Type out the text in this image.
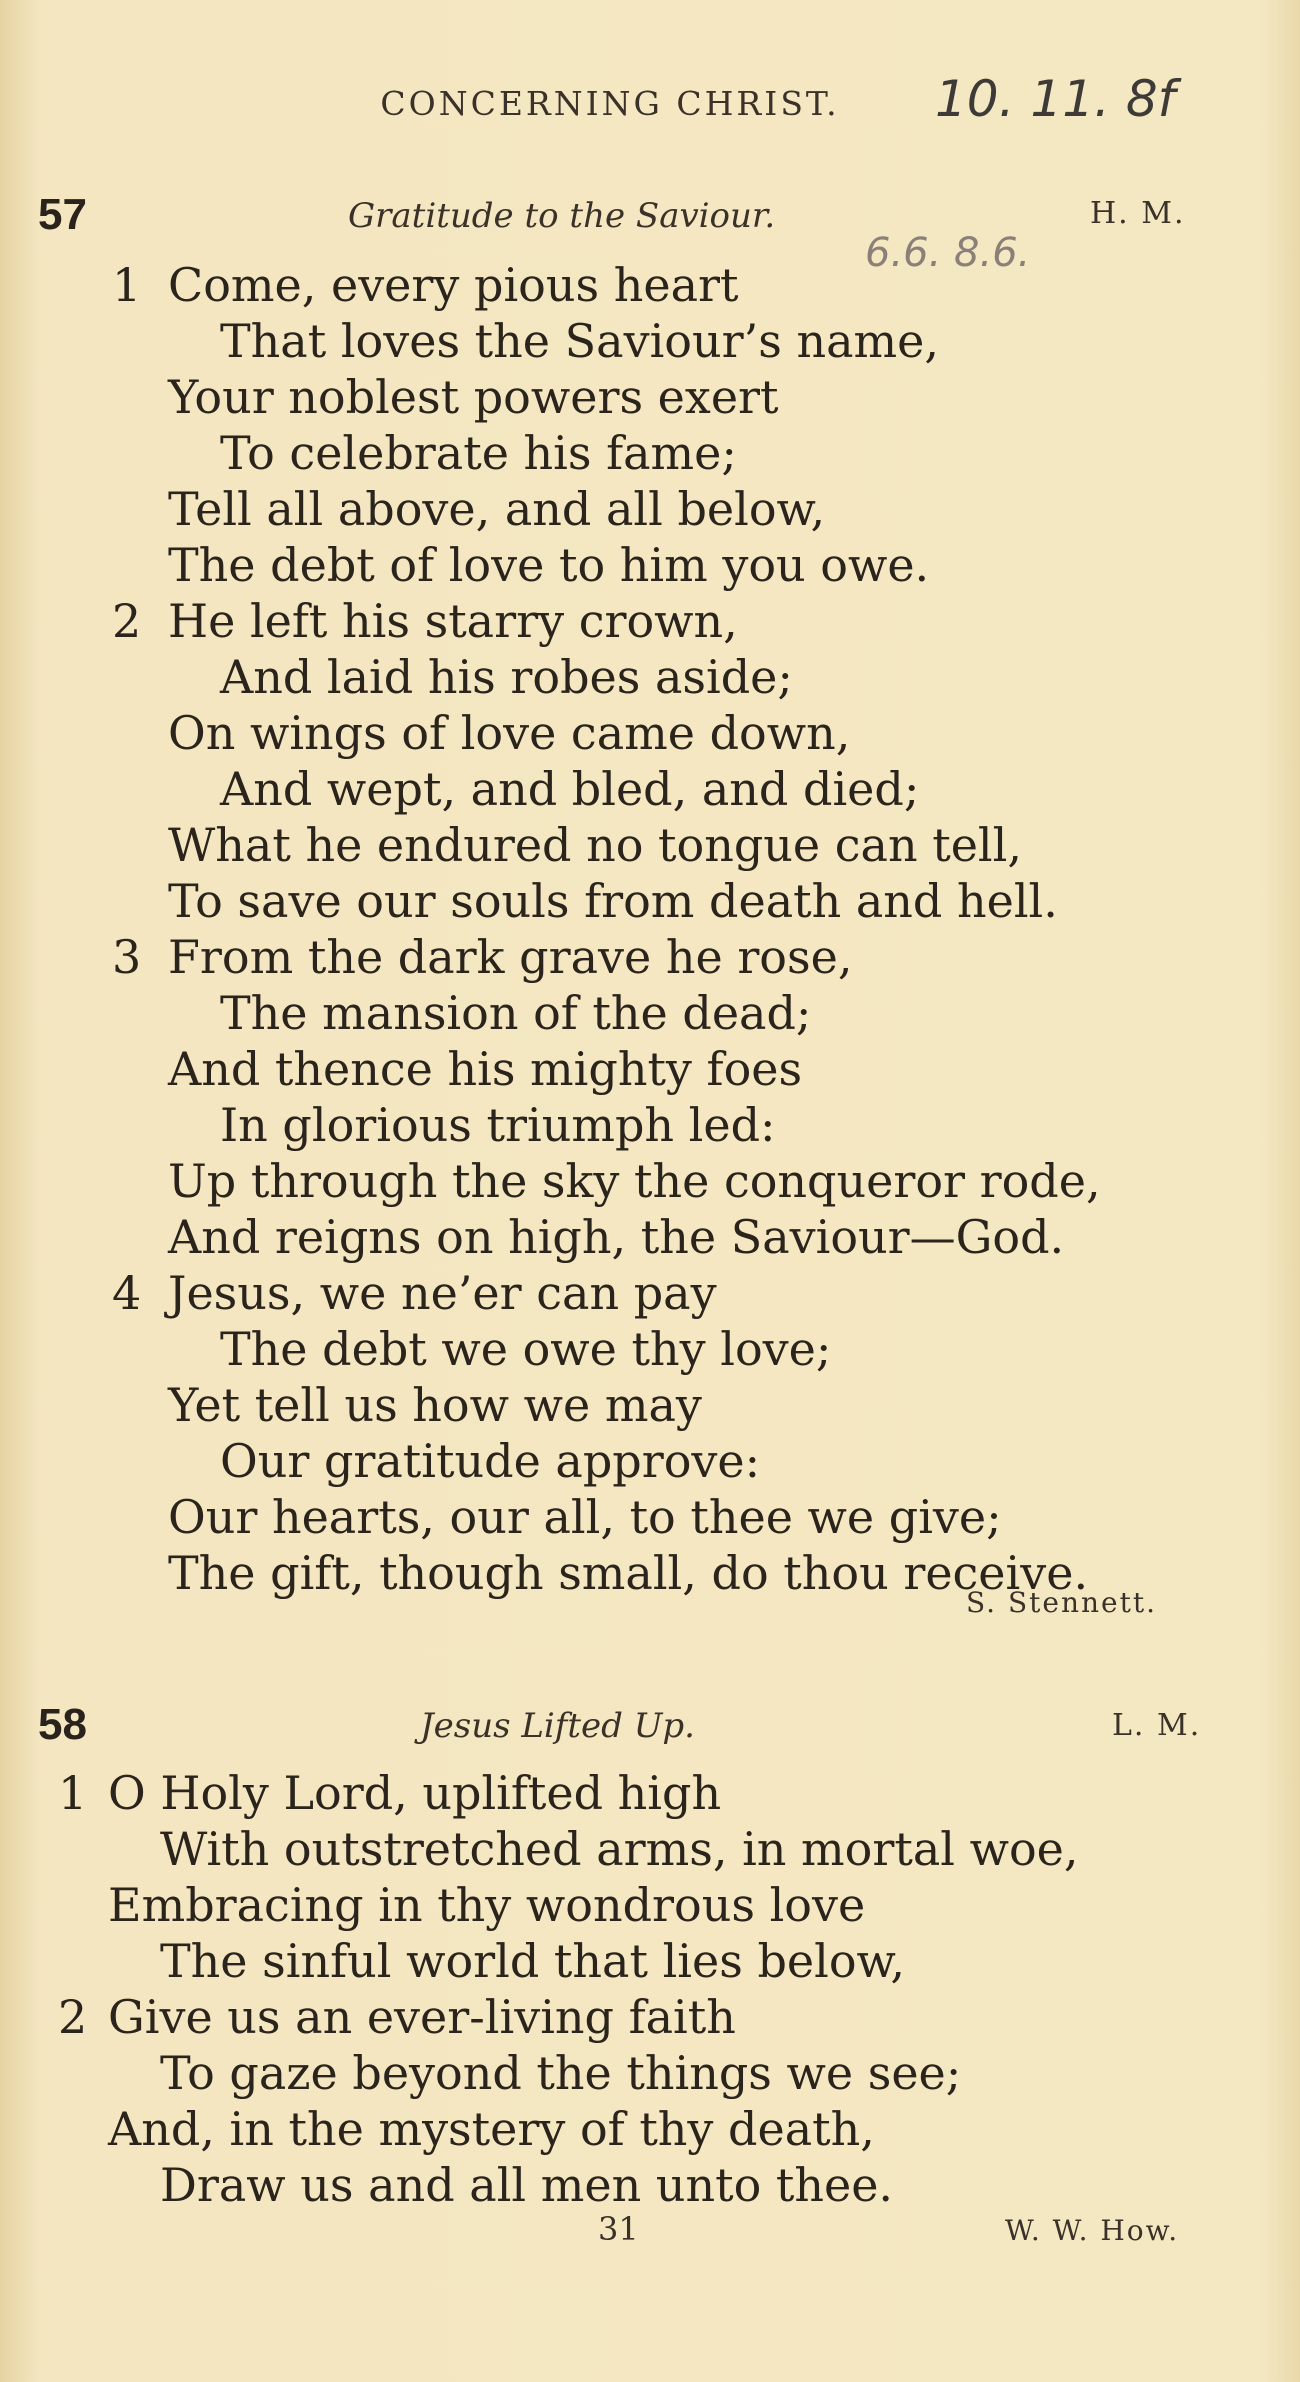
CONCERNING CHRIST.	10. 11. 8f
6.6. 8.6.
57	Gratitude to the Saviour.	H. M.
1 Come, every pious heart
That loves the Saviour’s name,
Your noblest powers exert
To celebrate his fame;
Tell all above, and all below,
The debt of love to him you owe.
2 He left his starry crown,
And laid his robes aside;
On wings of love came down,
And wept, and bled, and died;
What he endured no tongue can tell,
To save our souls from death and hell.
3 From the dark grave he rose,
The mansion of the dead;
And thence his mighty foes
In glorious triumph led:
Up through the sky the conqueror rode,
And reigns on high, the Saviour—God.
4 Jesus, we ne’er can pay
The debt we owe thy love;
Yet tell us how we may
Our gratitude approve:
Our hearts, our all, to thee we give;
The gift, though small, do thou receive.
S. Stennett.
58	Jesus Lifted Up.	L. M.
1 O Holy Lord, uplifted high
With outstretched arms, in mortal woe,
Embracing in thy wondrous love
The sinful world that lies below,
2 Give us an ever-living faith
To gaze beyond the things we see;
And, in the mystery of thy death,
Draw us and all men unto thee.
31	W. W. How.
